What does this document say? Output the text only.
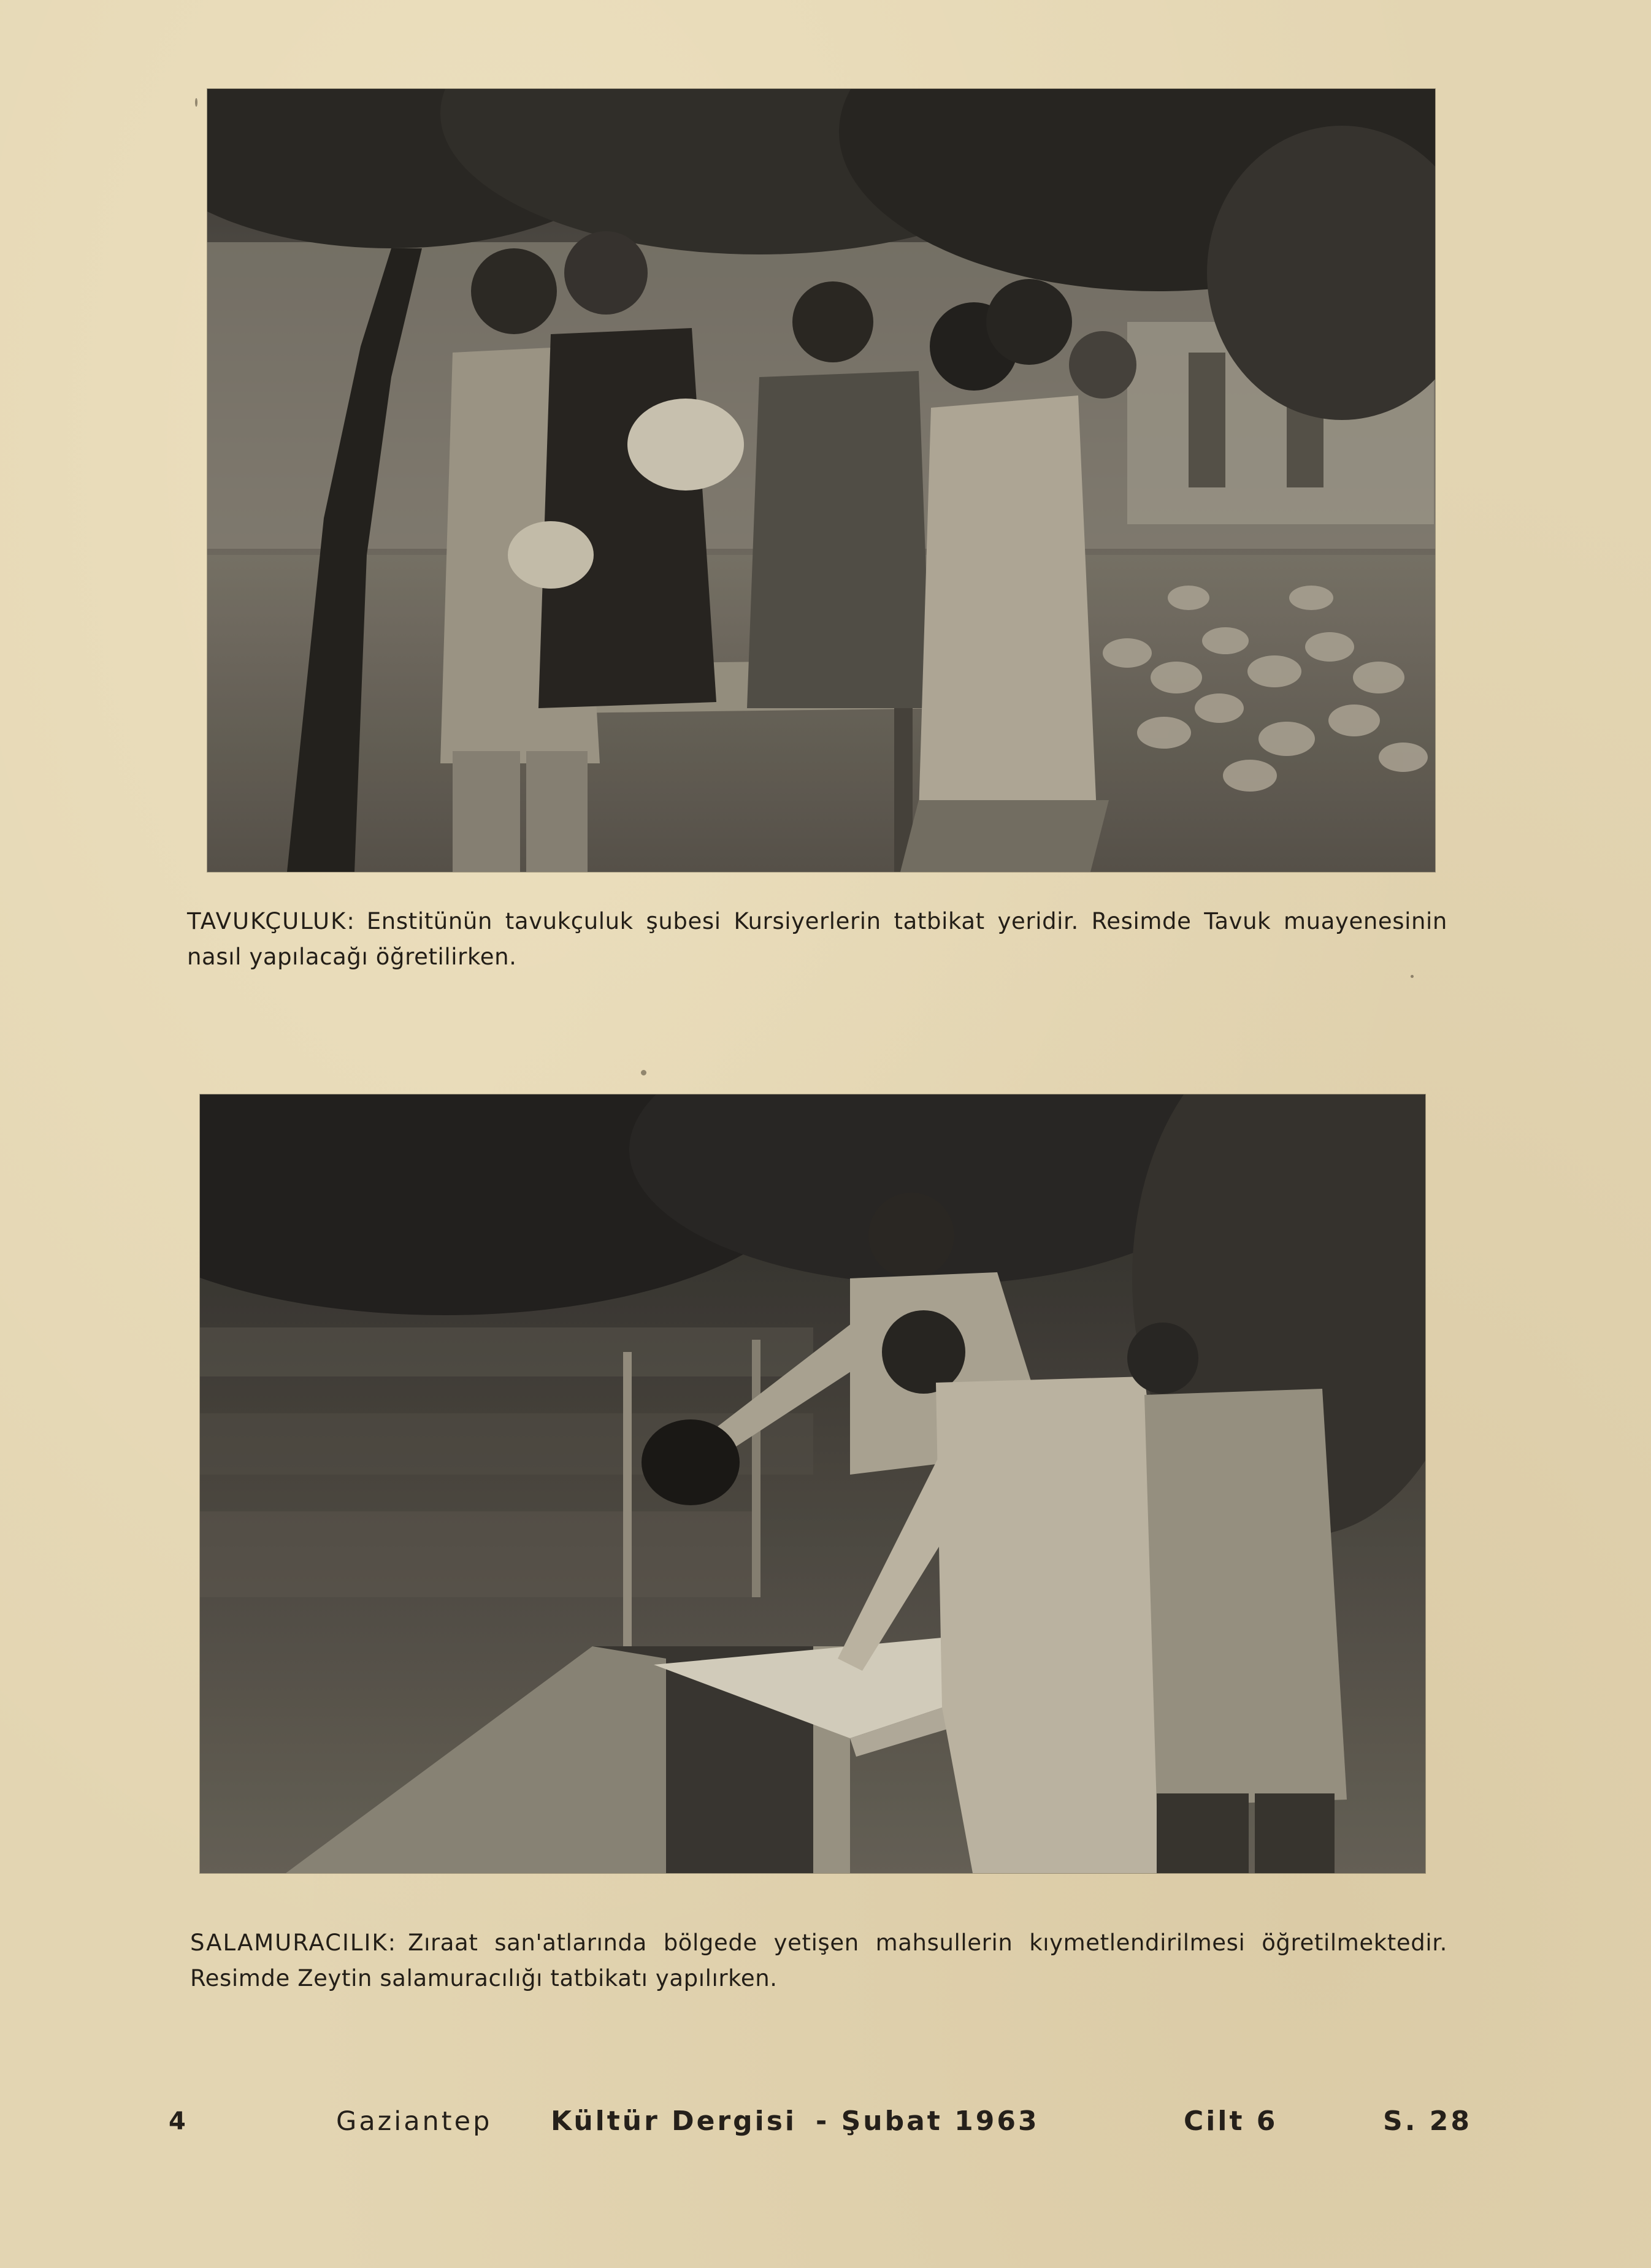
TAVUKÇULUK: Enstitünün tavukçuluk şubesi Kursiyerlerin tatbikat yeridir. Resimde Tavuk muayenesinin nasıl yapılacağı öğretilirken.

SALAMURACILIK: Zıraat san'atlarında bölgede yetişen mahsullerin kıymetlendirilmesi öğretilmektedir. Resimde Zeytin salamuracılığı tatbikatı yapılırken.

4	Gaziantep Kültür Dergisi - Şubat 1963	Cilt 6	S. 28
